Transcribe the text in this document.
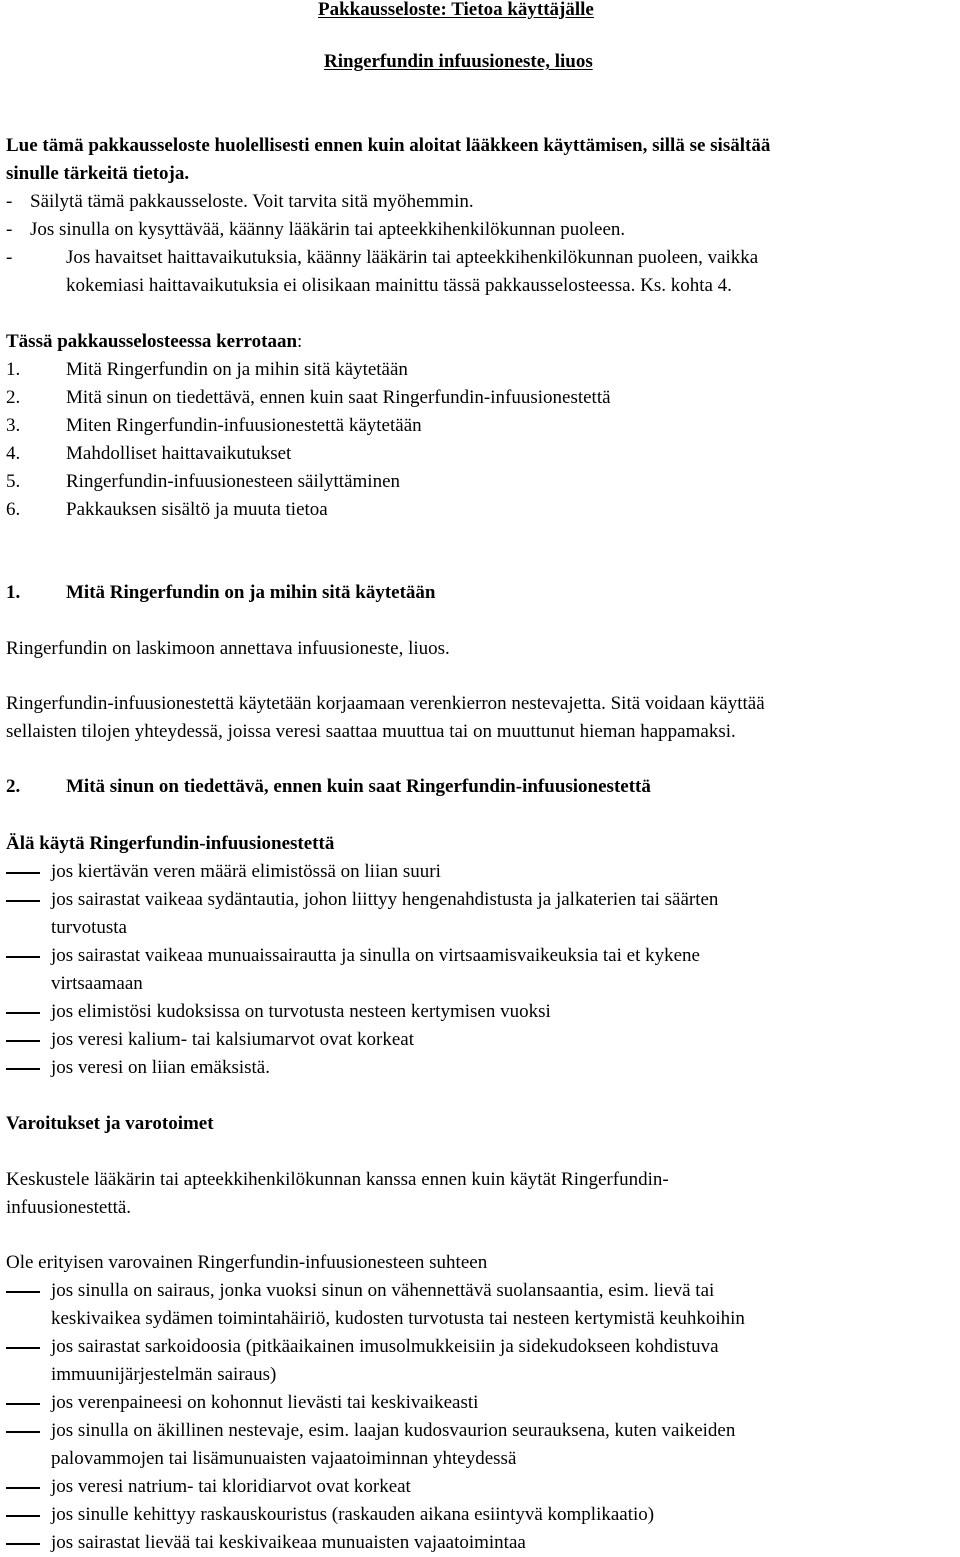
Pakkausseloste: Tietoa käyttäjälle
Ringerfundin infuusioneste, liuos
Lue tämä pakkausseloste huolellisesti ennen kuin aloitat lääkkeen käyttämisen, sillä se sisältää
sinulle tärkeitä tietoja.
- Säilytä tämä pakkausseloste. Voit tarvita sitä myöhemmin.
- Jos sinulla on kysyttävää, käänny lääkärin tai apteekkihenkilökunnan puoleen.
-	Jos havaitset haittavaikutuksia, käänny lääkärin tai apteekkihenkilökunnan puoleen, vaikka
kokemiasi haittavaikutuksia ei olisikaan mainittu tässä pakkausselosteessa. Ks. kohta 4.
Tässä pakkausselosteessa kerrotaan:
1. Mitä Ringerfundin on ja mihin sitä käytetään
2. Mitä sinun on tiedettävä, ennen kuin saat Ringerfundin-infuusionestettä
3. Miten Ringerfundin-infuusionestettä käytetään
4. Mahdolliset haittavaikutukset
5. Ringerfundin-infuusionesteen säilyttäminen
6. Pakkauksen sisältö ja muuta tietoa
1. Mitä Ringerfundin on ja mihin sitä käytetään
Ringerfundin on laskimoon annettava infuusioneste, liuos.
Ringerfundin-infuusionestettä käytetään korjaamaan verenkierron nestevajetta. Sitä voidaan käyttää
sellaisten tilojen yhteydessä, joissa veresi saattaa muuttua tai on muuttunut hieman happamaksi.
2. Mitä sinun on tiedettävä, ennen kuin saat Ringerfundin-infuusionestettä
Älä käytä Ringerfundin-infuusionestettä
jos kiertävän veren määrä elimistössä on liian suuri
jos sairastat vaikeaa sydäntautia, johon liittyy hengenahdistusta ja jalkaterien tai säärten
turvotusta
jos sairastat vaikeaa munuaissairautta ja sinulla on virtsaamisvaikeuksia tai et kykene
virtsaamaan
jos elimistösi kudoksissa on turvotusta nesteen kertymisen vuoksi
jos veresi kalium- tai kalsiumarvot ovat korkeat
jos veresi on liian emäksistä.
Varoitukset ja varotoimet
Keskustele lääkärin tai apteekkihenkilökunnan kanssa ennen kuin käytät Ringerfundin-
infuusionestettä.
Ole erityisen varovainen Ringerfundin-infuusionesteen suhteen
jos sinulla on sairaus, jonka vuoksi sinun on vähennettävä suolansaantia, esim. lievä tai
keskivaikea sydämen toimintahäiriö, kudosten turvotusta tai nesteen kertymistä keuhkoihin
jos sairastat sarkoidoosia (pitkäaikainen imusolmukkeisiin ja sidekudokseen kohdistuva
immuunijärjestelmän sairaus)
jos verenpaineesi on kohonnut lievästi tai keskivaikeasti
jos sinulla on äkillinen nestevaje, esim. laajan kudosvaurion seurauksena, kuten vaikeiden
palovammojen tai lisämunuaisten vajaatoiminnan yhteydessä
jos veresi natrium- tai kloridiarvot ovat korkeat
jos sinulle kehittyy raskauskouristus (raskauden aikana esiintyvä komplikaatio)
jos sairastat lievää tai keskivaikeaa munuaisten vajaatoimintaa
